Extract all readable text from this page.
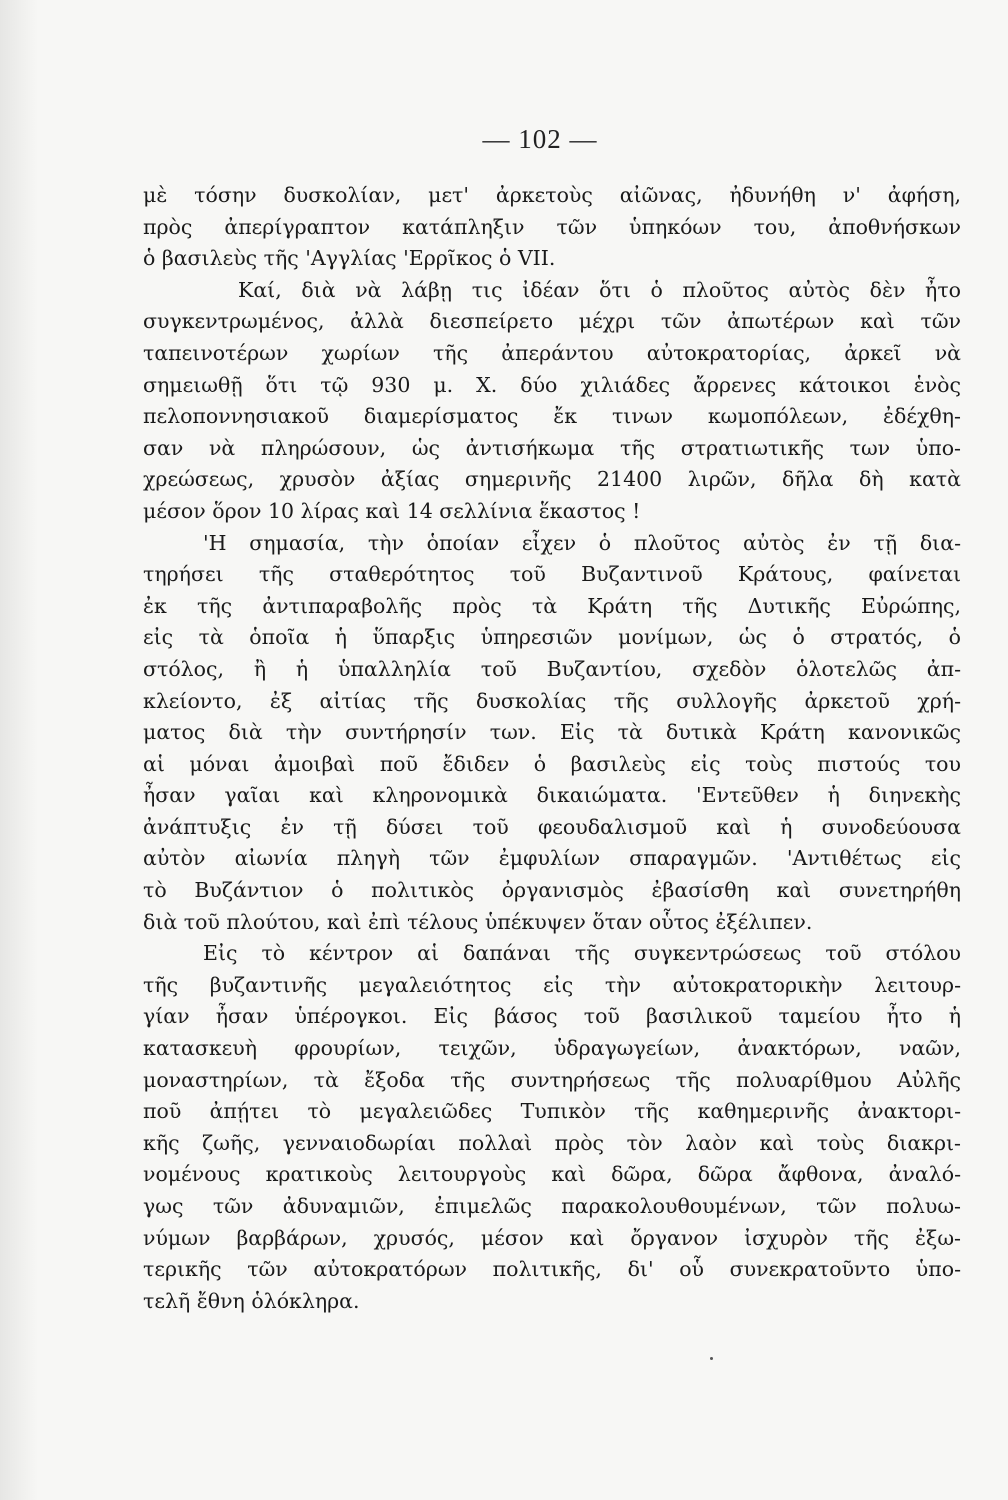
— 102 —
μὲ τόσην δυσκολίαν, μετ' ἀρκετοὺς αἰῶνας, ἠδυνήθη ν' ἀφήση,
πρὸς ἀπερίγραπτον κατάπληξιν τῶν ὑπηκόων του, ἀποθνήσκων
ὁ βασιλεὺς τῆς 'Αγγλίας 'Ερρῖκος ὁ VII.
Καί, διὰ νὰ λάβῃ τις ἰδέαν ὅτι ὁ πλοῦτος αὐτὸς δὲν ἦτο
συγκεντρωμένος, ἀλλὰ διεσπείρετο μέχρι τῶν ἀπωτέρων καὶ τῶν
ταπεινοτέρων χωρίων τῆς ἀπεράντου αὐτοκρατορίας, ἀρκεῖ νὰ
σημειωθῇ ὅτι τῷ 930 μ. Χ. δύο χιλιάδες ἄρρενες κάτοικοι ἑνὸς
πελοποννησιακοῦ διαμερίσματος ἔκ τινων κωμοπόλεων, ἐδέχθη-
σαν νὰ πληρώσουν, ὡς ἀντισήκωμα τῆς στρατιωτικῆς των ὑπο-
χρεώσεως, χρυσὸν ἀξίας σημερινῆς 21400 λιρῶν, δῆλα δὴ κατὰ
μέσον ὅρον 10 λίρας καὶ 14 σελλίνια ἕκαστος !
'Η σημασία, τὴν ὁποίαν εἶχεν ὁ πλοῦτος αὐτὸς ἐν τῇ δια-
τηρήσει τῆς σταθερότητος τοῦ Βυζαντινοῦ Κράτους, φαίνεται
ἐκ τῆς ἀντιπαραβολῆς πρὸς τὰ Κράτη τῆς Δυτικῆς Εὐρώπης,
εἰς τὰ ὁποῖα ἡ ὕπαρξις ὑπηρεσιῶν μονίμων, ὡς ὁ στρατός, ὁ
στόλος, ἢ ἡ ὑπαλληλία τοῦ Βυζαντίου, σχεδὸν ὁλοτελῶς ἀπ-
κλείοντο, ἐξ αἰτίας τῆς δυσκολίας τῆς συλλογῆς ἀρκετοῦ χρή-
ματος διὰ τὴν συντήρησίν των. Εἰς τὰ δυτικὰ Κράτη κανονικῶς
αἱ μόναι ἀμοιβαὶ ποῦ ἔδιδεν ὁ βασιλεὺς εἰς τοὺς πιστούς του
ἦσαν γαῖαι καὶ κληρονομικὰ δικαιώματα. 'Εντεῦθεν ἡ διηνεκὴς
ἀνάπτυξις ἐν τῇ δύσει τοῦ φεουδαλισμοῦ καὶ ἡ συνοδεύουσα
αὐτὸν αἰωνία πληγὴ τῶν ἐμφυλίων σπαραγμῶν. 'Αντιθέτως εἰς
τὸ Βυζάντιον ὁ πολιτικὸς ὀργανισμὸς ἐβασίσθη καὶ συνετηρήθη
διὰ τοῦ πλούτου, καὶ ἐπὶ τέλους ὑπέκυψεν ὅταν οὗτος ἐξέλιπεν.
Εἰς τὸ κέντρον αἱ δαπάναι τῆς συγκεντρώσεως τοῦ στόλου
τῆς βυζαντινῆς μεγαλειότητος εἰς τὴν αὐτοκρατορικὴν λειτουρ-
γίαν ἦσαν ὑπέρογκοι. Εἰς βάσος τοῦ βασιλικοῦ ταμείου ἦτο ἡ
κατασκευὴ φρουρίων, τειχῶν, ὑδραγωγείων, ἀνακτόρων, ναῶν,
μοναστηρίων, τὰ ἔξοδα τῆς συντηρήσεως τῆς πολυαρίθμου Αὐλῆς
ποῦ ἀπῄτει τὸ μεγαλειῶδες Τυπικὸν τῆς καθημερινῆς ἀνακτορι-
κῆς ζωῆς, γενναιοδωρίαι πολλαὶ πρὸς τὸν λαὸν καὶ τοὺς διακρι-
νομένους κρατικοὺς λειτουργοὺς καὶ δῶρα, δῶρα ἄφθονα, ἀναλό-
γως τῶν ἀδυναμιῶν, ἐπιμελῶς παρακολουθουμένων, τῶν πολυω-
νύμων βαρβάρων, χρυσός, μέσον καὶ ὄργανον ἰσχυρὸν τῆς ἐξω-
τερικῆς τῶν αὐτοκρατόρων πολιτικῆς, δι' οὗ συνεκρατοῦντο ὑπο-
τελῆ ἔθνη ὁλόκληρα.
